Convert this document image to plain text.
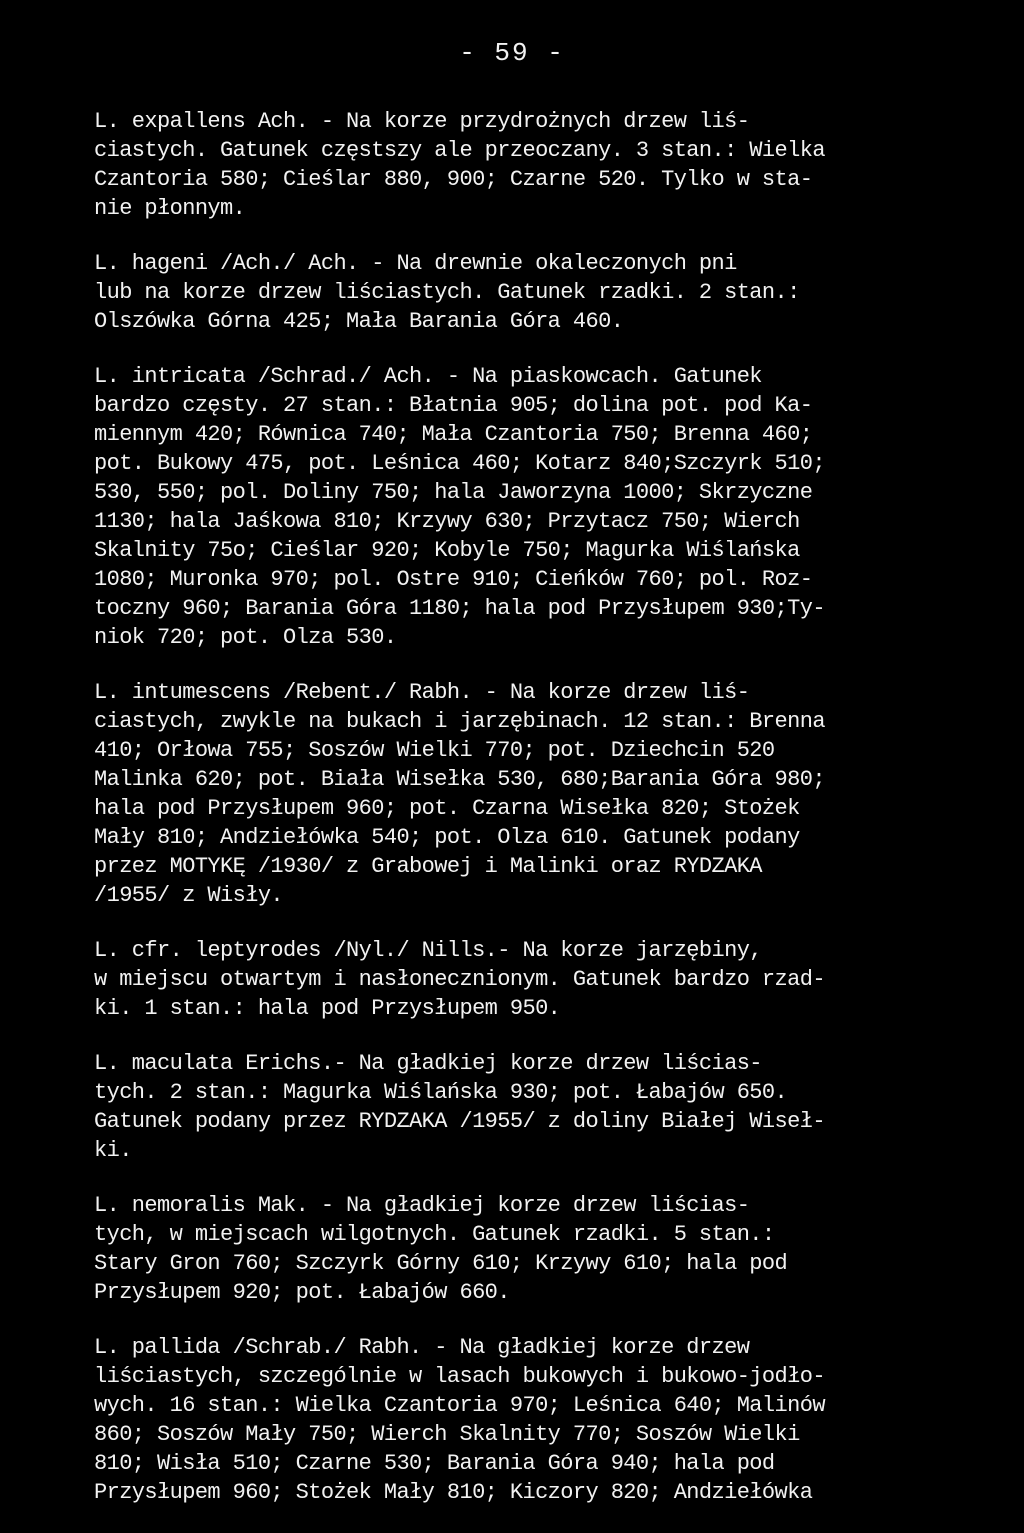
- 59 -
L. expallens Ach. - Na korze przydrożnych drzew liś-
ciastych. Gatunek częstszy ale przeoczany. 3 stan.: Wielka
Czantoria 580; Cieślar 880, 900; Czarne 520. Tylko w sta-
nie płonnym.
L. hageni /Ach./ Ach. - Na drewnie okaleczonych pni
lub na korze drzew liściastych. Gatunek rzadki. 2 stan.:
Olszówka Górna 425; Mała Barania Góra 460.
L. intricata /Schrad./ Ach. - Na piaskowcach. Gatunek
bardzo częsty. 27 stan.: Błatnia 905; dolina pot. pod Ka-
miennym 420; Równica 740; Mała Czantoria 750; Brenna 460;
pot. Bukowy 475, pot. Leśnica 460; Kotarz 840;Szczyrk 510;
530, 550; pol. Doliny 750; hala Jaworzyna 1000; Skrzyczne
1130; hala Jaśkowa 810; Krzywy 630; Przytacz 750; Wierch
Skalnity 75o; Cieślar 920; Kobyle 750; Magurka Wiślańska
1080; Muronka 970; pol. Ostre 910; Cieńków 760; pol. Roz-
toczny 960; Barania Góra 1180; hala pod Przysłupem 930;Ty-
niok 720; pot. Olza 530.
L. intumescens /Rebent./ Rabh. - Na korze drzew liś-
ciastych, zwykle na bukach i jarzębinach. 12 stan.: Brenna
410; Orłowa 755; Soszów Wielki 770; pot. Dziechcin 520
Malinka 620; pot. Biała Wisełka 530, 680;Barania Góra 980;
hala pod Przysłupem 960; pot. Czarna Wisełka 820; Stożek
Mały 810; Andziełówka 540; pot. Olza 610. Gatunek podany
przez MOTYKĘ /1930/ z Grabowej i Malinki oraz RYDZAKA
/1955/ z Wisły.
L. cfr. leptyrodes /Nyl./ Nills.- Na korze jarzębiny,
w miejscu otwartym i nasłonecznionym. Gatunek bardzo rzad-
ki. 1 stan.: hala pod Przysłupem 950.
L. maculata Erichs.- Na gładkiej korze drzew liścias-
tych. 2 stan.: Magurka Wiślańska 930; pot. Łabajów 650.
Gatunek podany przez RYDZAKA /1955/ z doliny Białej Wiseł-
ki.
L. nemoralis Mak. - Na gładkiej korze drzew liścias-
tych, w miejscach wilgotnych. Gatunek rzadki. 5 stan.:
Stary Gron 760; Szczyrk Górny 610; Krzywy 610; hala pod
Przysłupem 920; pot. Łabajów 660.
L. pallida /Schrab./ Rabh. - Na gładkiej korze drzew
liściastych, szczególnie w lasach bukowych i bukowo-jodło-
wych. 16 stan.: Wielka Czantoria 970; Leśnica 640; Malinów
860; Soszów Mały 750; Wierch Skalnity 770; Soszów Wielki
810; Wisła 510; Czarne 530; Barania Góra 940; hala pod
Przysłupem 960; Stożek Mały 810; Kiczory 820; Andziełówka
